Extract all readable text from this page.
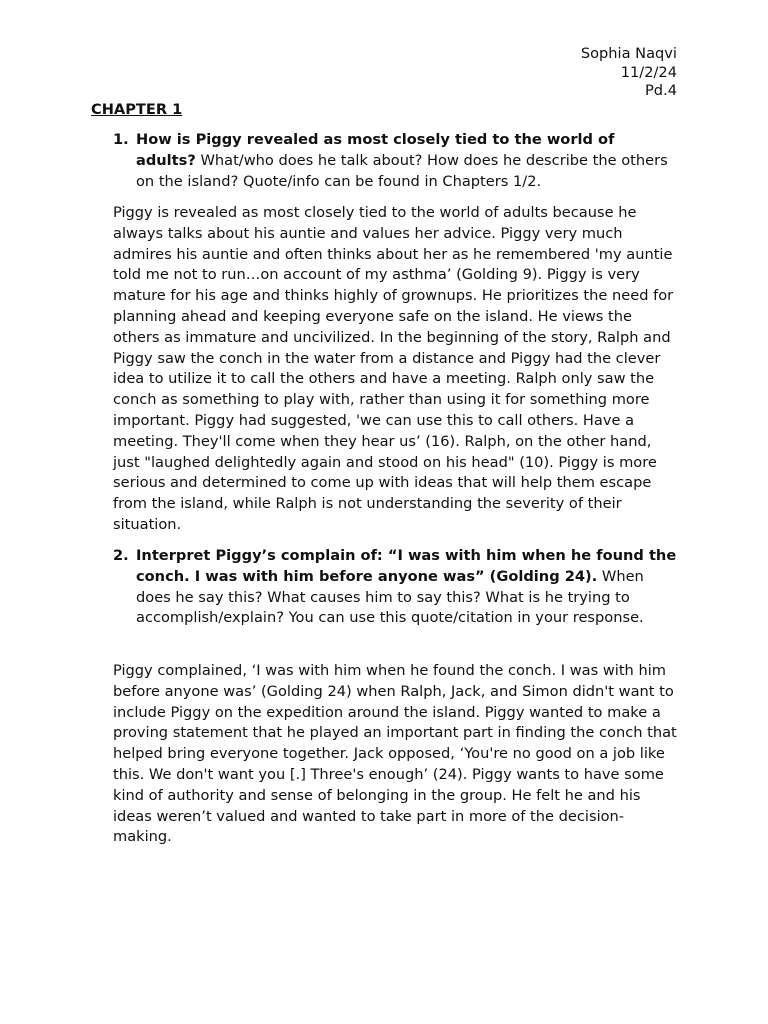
Sophia Naqvi
11/2/24
Pd.4
CHAPTER 1
1. How is Piggy revealed as most closely tied to the world of adults? What/who does he talk about? How does he describe the others on the island? Quote/info can be found in Chapters 1/2.

Piggy is revealed as most closely tied to the world of adults because he always talks about his auntie and values her advice. Piggy very much admires his auntie and often thinks about her as he remembered 'my auntie told me not to run…on account of my asthma’ (Golding 9). Piggy is very mature for his age and thinks highly of grownups. He prioritizes the need for planning ahead and keeping everyone safe on the island. He views the others as immature and uncivilized. In the beginning of the story, Ralph and Piggy saw the conch in the water from a distance and Piggy had the clever idea to utilize it to call the others and have a meeting. Ralph only saw the conch as something to play with, rather than using it for something more important. Piggy had suggested, 'we can use this to call others. Have a meeting. They'll come when they hear us’ (16). Ralph, on the other hand, just "laughed delightedly again and stood on his head" (10). Piggy is more serious and determined to come up with ideas that will help them escape from the island, while Ralph is not understanding the severity of their situation.

2. Interpret Piggy’s complain of: “I was with him when he found the conch. I was with him before anyone was” (Golding 24). When does he say this? What causes him to say this? What is he trying to accomplish/explain? You can use this quote/citation in your response.

Piggy complained, ‘I was with him when he found the conch. I was with him before anyone was’ (Golding 24) when Ralph, Jack, and Simon didn't want to include Piggy on the expedition around the island. Piggy wanted to make a proving statement that he played an important part in finding the conch that helped bring everyone together. Jack opposed, ‘You're no good on a job like this. We don't want you [.] Three's enough’ (24). Piggy wants to have some kind of authority and sense of belonging in the group. He felt he and his ideas weren’t valued and wanted to take part in more of the decision-making.
